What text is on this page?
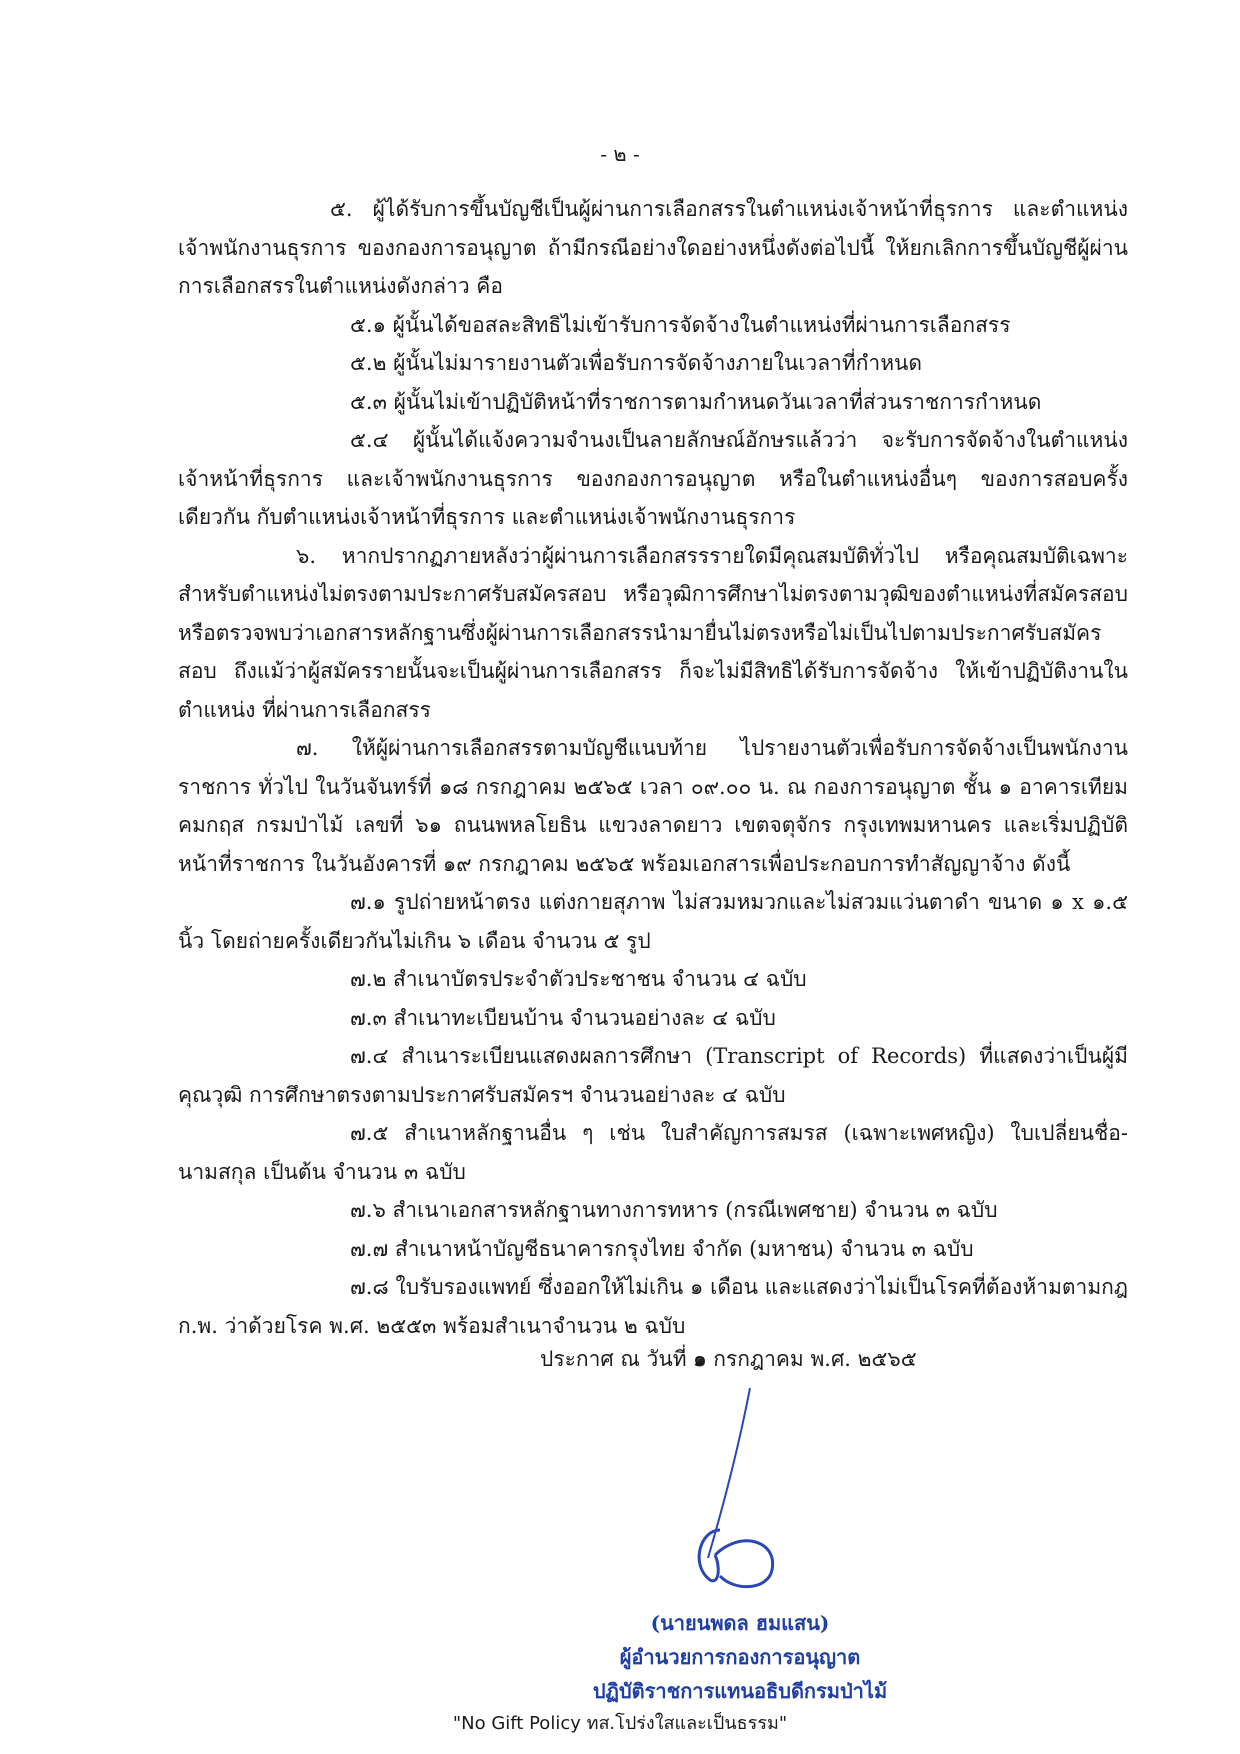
- ๒ -

๕. ผู้ได้รับการขึ้นบัญชีเป็นผู้ผ่านการเลือกสรรในตำแหน่งเจ้าหน้าที่ธุรการ และตำแหน่ง เจ้าพนักงานธุรการ ของกองการอนุญาต ถ้ามีกรณีอย่างใดอย่างหนึ่งดังต่อไปนี้ ให้ยกเลิกการขึ้นบัญชีผู้ผ่าน การเลือกสรรในตำแหน่งดังกล่าว คือ

๕.๑ ผู้นั้นได้ขอสละสิทธิไม่เข้ารับการจัดจ้างในตำแหน่งที่ผ่านการเลือกสรร

๕.๒ ผู้นั้นไม่มารายงานตัวเพื่อรับการจัดจ้างภายในเวลาที่กำหนด

๕.๓ ผู้นั้นไม่เข้าปฏิบัติหน้าที่ราชการตามกำหนดวันเวลาที่ส่วนราชการกำหนด

๕.๔ ผู้นั้นได้แจ้งความจำนงเป็นลายลักษณ์อักษรแล้วว่า จะรับการจัดจ้างในตำแหน่ง เจ้าหน้าที่ธุรการ และเจ้าพนักงานธุรการ ของกองการอนุญาต หรือในตำแหน่งอื่นๆ ของการสอบครั้งเดียวกัน กับตำแหน่งเจ้าหน้าที่ธุรการ และตำแหน่งเจ้าพนักงานธุรการ

๖. หากปรากฏภายหลังว่าผู้ผ่านการเลือกสรรรายใดมีคุณสมบัติทั่วไป หรือคุณสมบัติเฉพาะ สำหรับตำแหน่งไม่ตรงตามประกาศรับสมัครสอบ หรือวุฒิการศึกษาไม่ตรงตามวุฒิของตำแหน่งที่สมัครสอบ หรือตรวจพบว่าเอกสารหลักฐานซึ่งผู้ผ่านการเลือกสรรนำมายื่นไม่ตรงหรือไม่เป็นไปตามประกาศรับสมัครสอบ ถึงแม้ว่าผู้สมัครรายนั้นจะเป็นผู้ผ่านการเลือกสรร ก็จะไม่มีสิทธิได้รับการจัดจ้าง ให้เข้าปฏิบัติงานในตำแหน่ง ที่ผ่านการเลือกสรร

๗. ให้ผู้ผ่านการเลือกสรรตามบัญชีแนบท้าย ไปรายงานตัวเพื่อรับการจัดจ้างเป็นพนักงานราชการ ทั่วไป ในวันจันทร์ที่ ๑๘ กรกฎาคม ๒๕๖๕ เวลา ๐๙.๐๐ น. ณ กองการอนุญาต ชั้น ๑ อาคารเทียมคมกฤส กรมป่าไม้ เลขที่ ๖๑ ถนนพหลโยธิน แขวงลาดยาว เขตจตุจักร กรุงเทพมหานคร และเริ่มปฏิบัติหน้าที่ราชการ ในวันอังคารที่ ๑๙ กรกฎาคม ๒๕๖๕ พร้อมเอกสารเพื่อประกอบการทำสัญญาจ้าง ดังนี้

๗.๑ รูปถ่ายหน้าตรง แต่งกายสุภาพ ไม่สวมหมวกและไม่สวมแว่นตาดำ ขนาด ๑ x ๑.๕ นิ้ว โดยถ่ายครั้งเดียวกันไม่เกิน ๖ เดือน จำนวน ๕ รูป

๗.๒ สำเนาบัตรประจำตัวประชาชน จำนวน ๔ ฉบับ

๗.๓ สำเนาทะเบียนบ้าน จำนวนอย่างละ ๔ ฉบับ

๗.๔ สำเนาระเบียนแสดงผลการศึกษา (Transcript of Records) ที่แสดงว่าเป็นผู้มีคุณวุฒิ การศึกษาตรงตามประกาศรับสมัครฯ จำนวนอย่างละ ๔ ฉบับ

๗.๕ สำเนาหลักฐานอื่น ๆ เช่น ใบสำคัญการสมรส (เฉพาะเพศหญิง) ใบเปลี่ยนชื่อ-นามสกุล เป็นต้น จำนวน ๓ ฉบับ

๗.๖ สำเนาเอกสารหลักฐานทางการทหาร (กรณีเพศชาย) จำนวน ๓ ฉบับ

๗.๗ สำเนาหน้าบัญชีธนาคารกรุงไทย จำกัด (มหาชน) จำนวน ๓ ฉบับ

๗.๘ ใบรับรองแพทย์ ซึ่งออกให้ไม่เกิน ๑ เดือน และแสดงว่าไม่เป็นโรคที่ต้องห้ามตามกฎ ก.พ. ว่าด้วยโรค พ.ศ. ๒๕๕๓ พร้อมสำเนาจำนวน ๒ ฉบับ

ประกาศ ณ วันที่ ๑ กรกฎาคม พ.ศ. ๒๕๖๕
(นายนพดล ฮมแสน)
ผู้อำนวยการกองการอนุญาต
ปฏิบัติราชการแทนอธิบดีกรมป่าไม้
"No Gift Policy ทส.โปร่งใสและเป็นธรรม"
